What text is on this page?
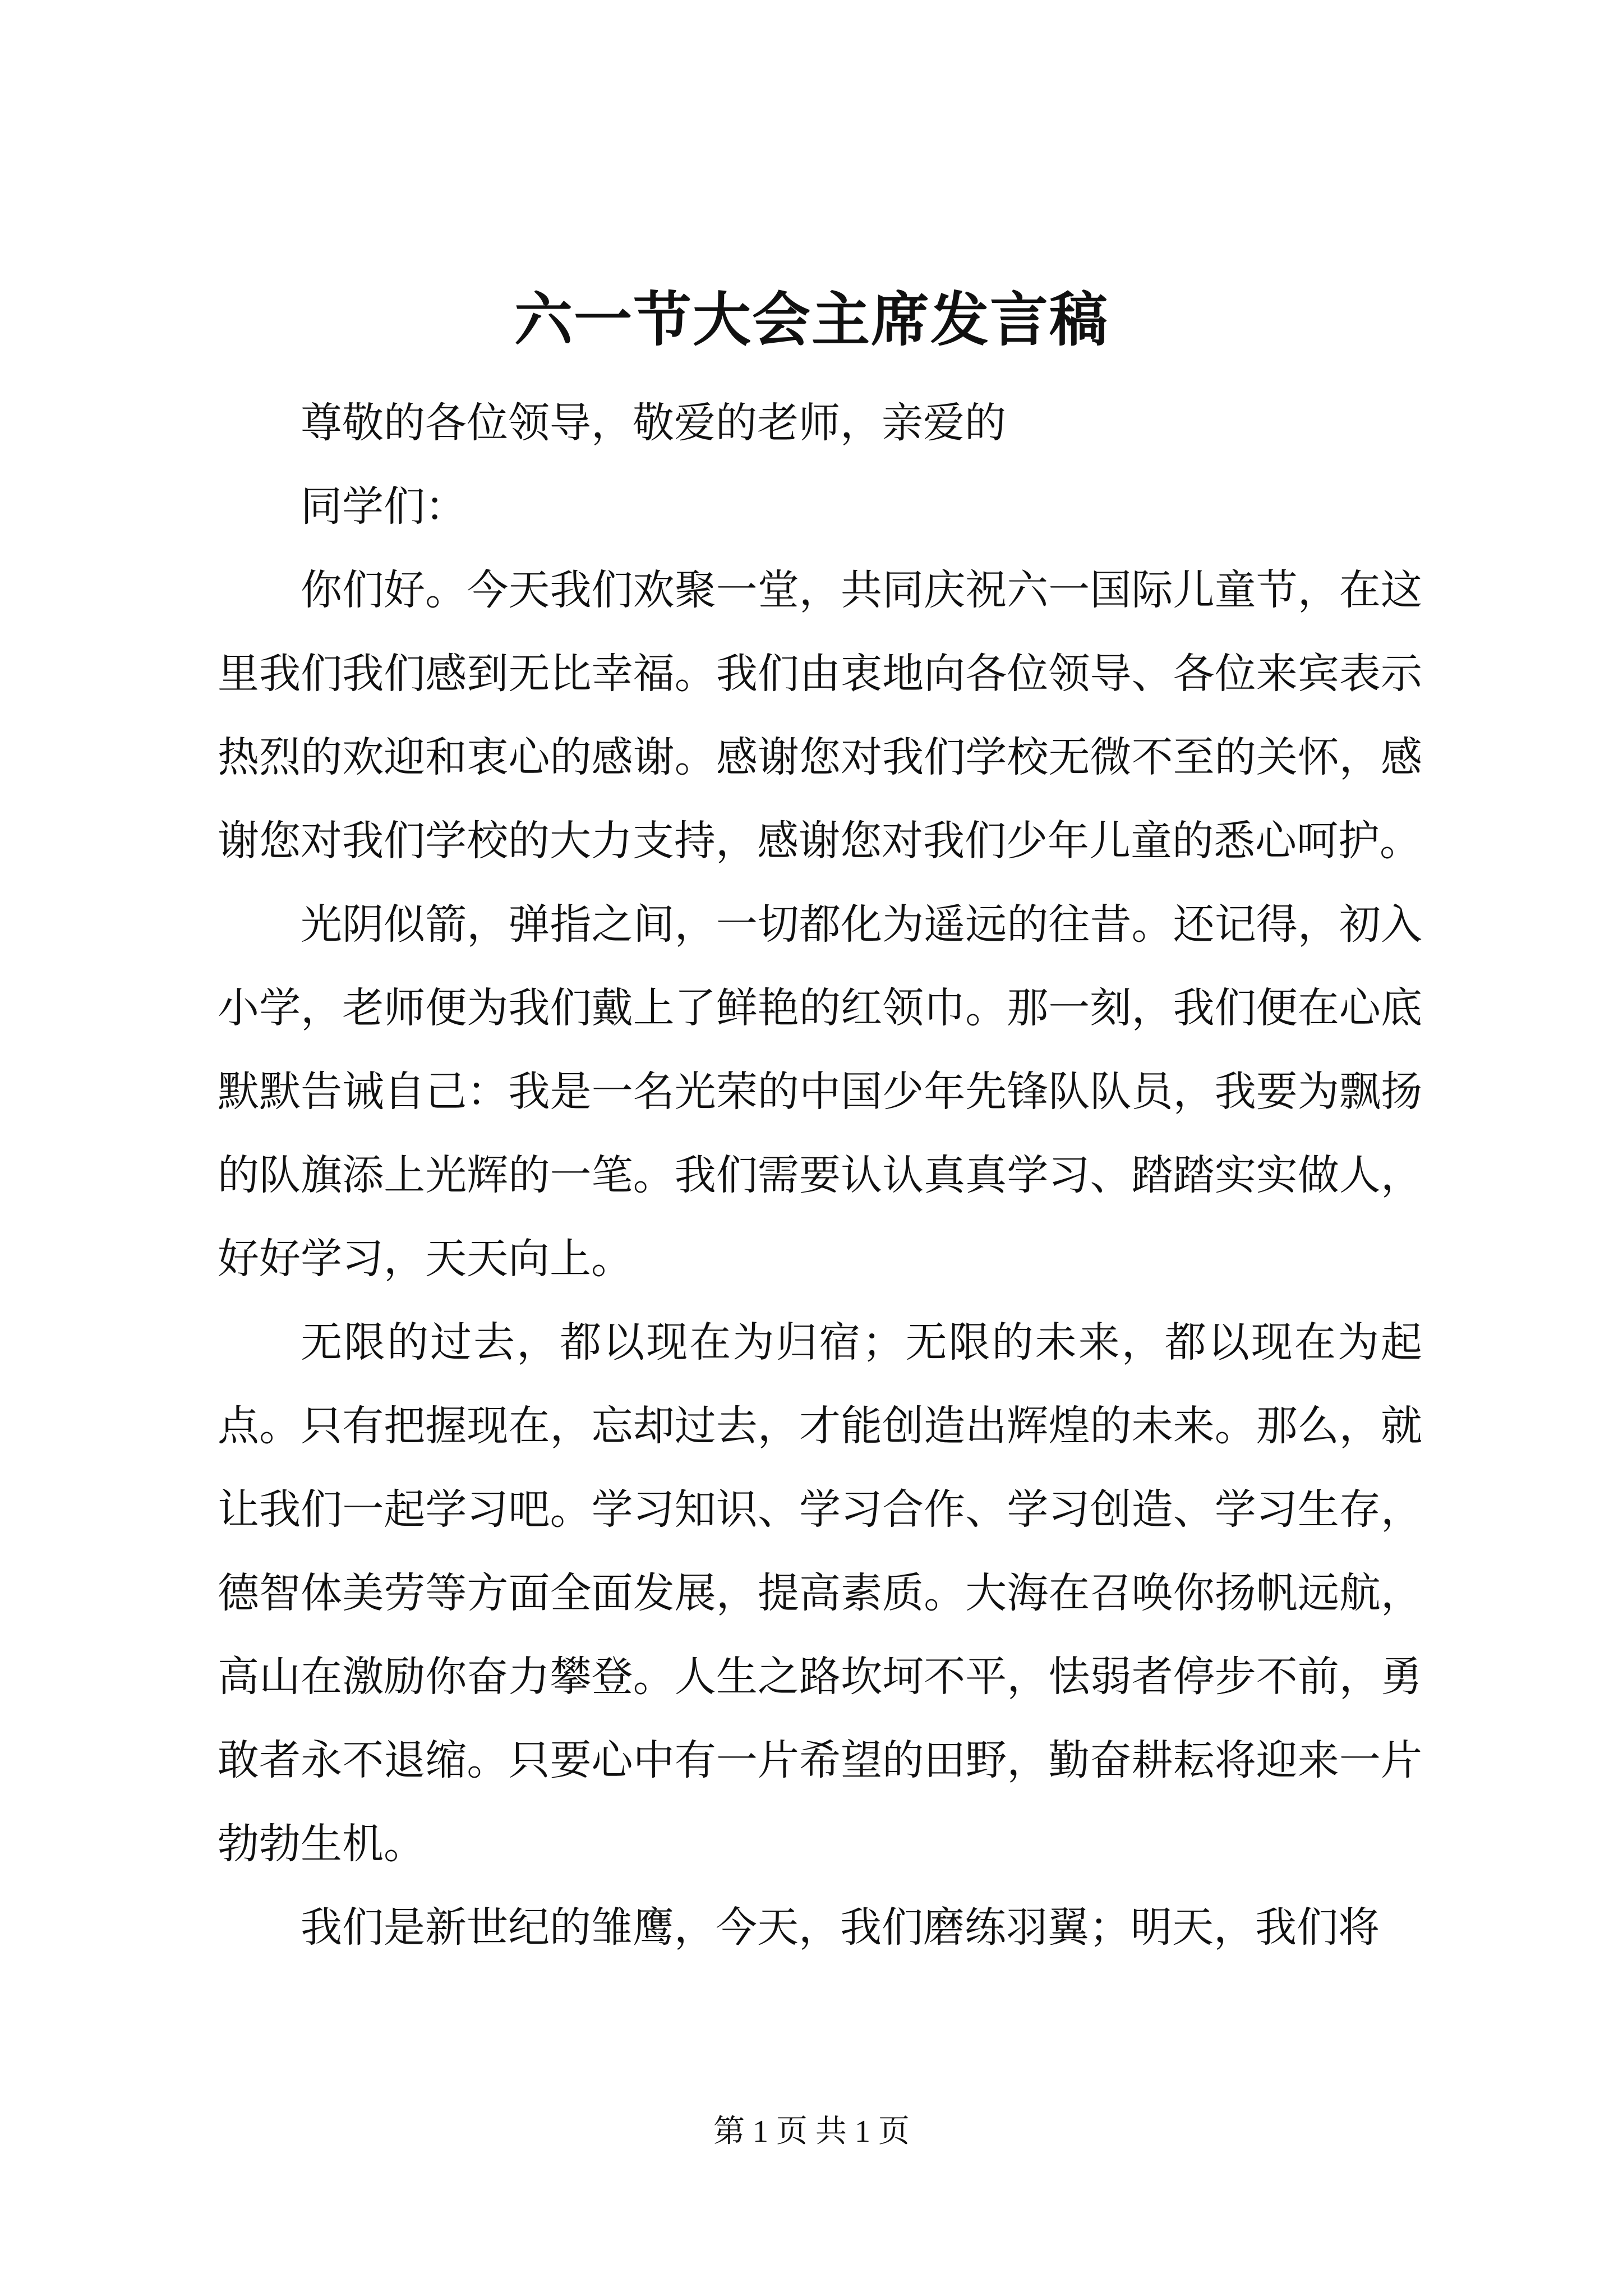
六一节大会主席发言稿

尊敬的各位领导，敬爱的老师，亲爱的

同学们：

你们好。今天我们欢聚一堂，共同庆祝六一国际儿童节，在这里我们我们感到无比幸福。我们由衷地向各位领导、各位来宾表示热烈的欢迎和衷心的感谢。感谢您对我们学校无微不至的关怀，感谢您对我们学校的大力支持，感谢您对我们少年儿童的悉心呵护。

光阴似箭，弹指之间，一切都化为遥远的往昔。还记得，初入小学，老师便为我们戴上了鲜艳的红领巾。那一刻，我们便在心底默默告诫自己：我是一名光荣的中国少年先锋队队员，我要为飘扬的队旗添上光辉的一笔。我们需要认认真真学习、踏踏实实做人，好好学习，天天向上。

无限的过去，都以现在为归宿；无限的未来，都以现在为起点。只有把握现在，忘却过去，才能创造出辉煌的未来。那么，就让我们一起学习吧。学习知识、学习合作、学习创造、学习生存，德智体美劳等方面全面发展，提高素质。大海在召唤你扬帆远航，高山在激励你奋力攀登。人生之路坎坷不平，怯弱者停步不前，勇敢者永不退缩。只要心中有一片希望的田野，勤奋耕耘将迎来一片勃勃生机。

我们是新世纪的雏鹰，今天，我们磨练羽翼；明天，我们将

第 1 页 共 1 页
